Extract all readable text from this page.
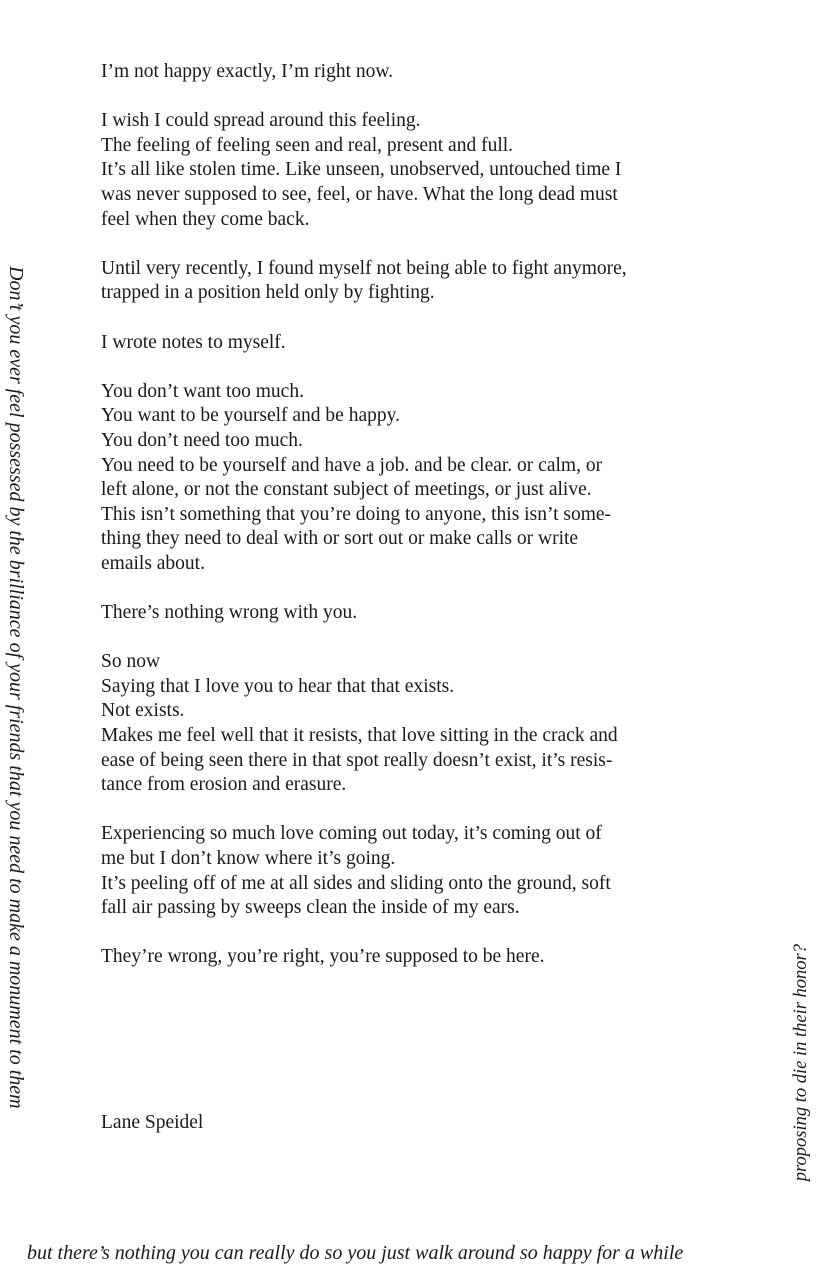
I’m not happy exactly, I’m right now.

I wish I could spread around this feeling.
The feeling of feeling seen and real, present and full.
It’s all like stolen time. Like unseen, unobserved, untouched time I
was never supposed to see, feel, or have. What the long dead must
feel when they come back.

Until very recently, I found myself not being able to fight anymore,
trapped in a position held only by fighting.

I wrote notes to myself.

You don’t want too much.
You want to be yourself and be happy.
You don’t need too much.
You need to be yourself and have a job. and be clear. or calm, or
left alone, or not the constant subject of meetings, or just alive.
This isn’t something that you’re doing to anyone, this isn’t some-
thing they need to deal with or sort out or make calls or write
emails about.

There’s nothing wrong with you.

So now
Saying that I love you to hear that that exists.
Not exists.
Makes me feel well that it resists, that love sitting in the crack and
ease of being seen there in that spot really doesn’t exist, it’s resis-
tance from erosion and erasure.

Experiencing so much love coming out today, it’s coming out of
me but I don’t know where it’s going.
It’s peeling off of me at all sides and sliding onto the ground, soft
fall air passing by sweeps clean the inside of my ears.

They’re wrong, you’re right, you’re supposed to be here.

Lane Speidel
Don’t you ever feel possessed by the brilliance of your friends that you need to make a monument to them	proposing to die in their honor?
but there’s nothing you can really do so you just walk around so happy for a while
